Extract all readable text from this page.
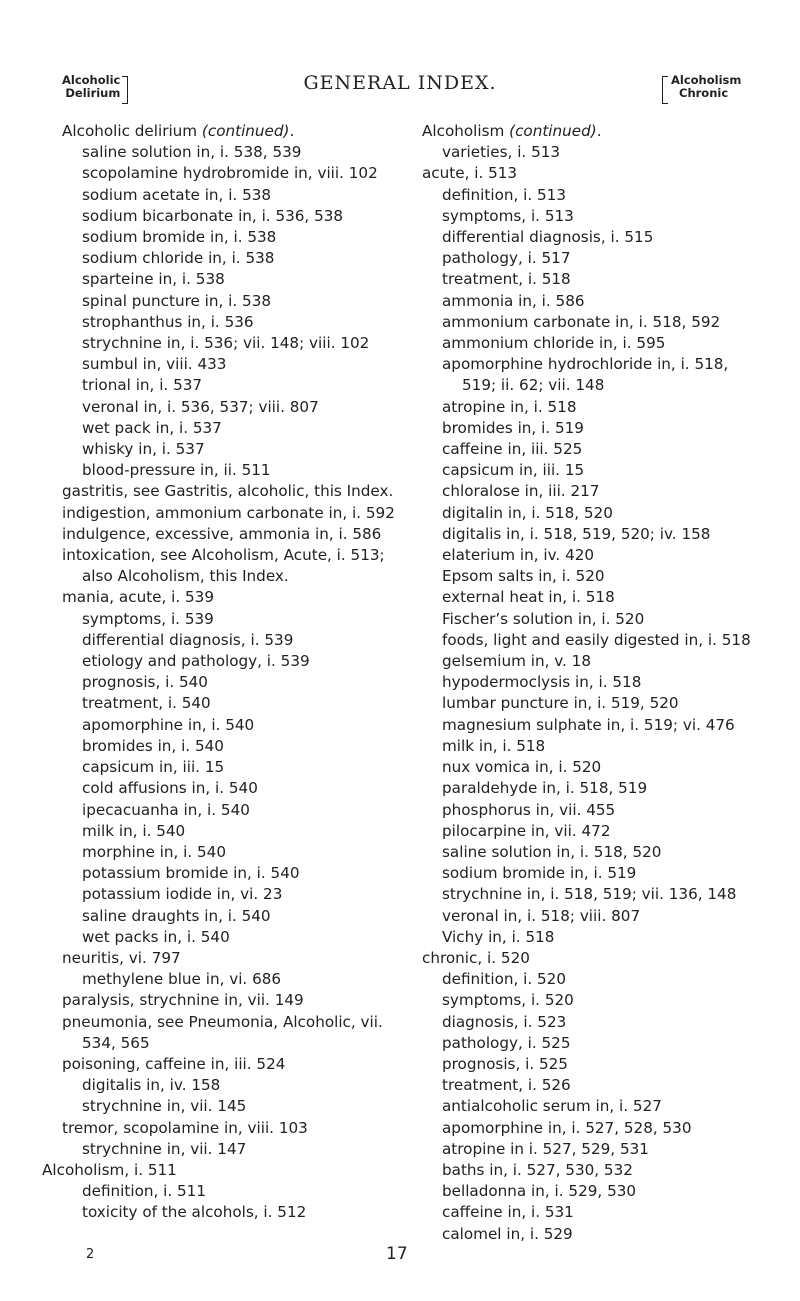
Alcoholic
Delirium	GENERAL INDEX.	Alcoholism
Chronic
Alcoholic delirium (continued).
saline solution in, i. 538, 539
scopolamine hydrobromide in, viii. 102
sodium acetate in, i. 538
sodium bicarbonate in, i. 536, 538
sodium bromide in, i. 538
sodium chloride in, i. 538
sparteine in, i. 538
spinal puncture in, i. 538
strophanthus in, i. 536
strychnine in, i. 536; vii. 148; viii. 102
sumbul in, viii. 433
trional in, i. 537
veronal in, i. 536, 537; viii. 807
wet pack in, i. 537
whisky in, i. 537
blood-pressure in, ii. 511
gastritis, see Gastritis, alcoholic, this Index.
indigestion, ammonium carbonate in, i. 592
indulgence, excessive, ammonia in, i. 586
intoxication, see Alcoholism, Acute, i. 513; also Alcoholism, this Index.
mania, acute, i. 539
symptoms, i. 539
differential diagnosis, i. 539
etiology and pathology, i. 539
prognosis, i. 540
treatment, i. 540
apomorphine in, i. 540
bromides in, i. 540
capsicum in, iii. 15
cold affusions in, i. 540
ipecacuanha in, i. 540
milk in, i. 540
morphine in, i. 540
potassium bromide in, i. 540
potassium iodide in, vi. 23
saline draughts in, i. 540
wet packs in, i. 540
neuritis, vi. 797
methylene blue in, vi. 686
paralysis, strychnine in, vii. 149
pneumonia, see Pneumonia, Alcoholic, vii. 534, 565
poisoning, caffeine in, iii. 524
digitalis in, iv. 158
strychnine in, vii. 145
tremor, scopolamine in, viii. 103
strychnine in, vii. 147
Alcoholism, i. 511
definition, i. 511
toxicity of the alcohols, i. 512
Alcoholism (continued).
varieties, i. 513
acute, i. 513
definition, i. 513
symptoms, i. 513
differential diagnosis, i. 515
pathology, i. 517
treatment, i. 518
ammonia in, i. 586
ammonium carbonate in, i. 518, 592
ammonium chloride in, i. 595
apomorphine hydrochloride in, i. 518, 519; ii. 62; vii. 148
atropine in, i. 518
bromides in, i. 519
caffeine in, iii. 525
capsicum in, iii. 15
chloralose in, iii. 217
digitalin in, i. 518, 520
digitalis in, i. 518, 519, 520; iv. 158
elaterium in, iv. 420
Epsom salts in, i. 520
external heat in, i. 518
Fischer’s solution in, i. 520
foods, light and easily digested in, i. 518
gelsemium in, v. 18
hypodermoclysis in, i. 518
lumbar puncture in, i. 519, 520
magnesium sulphate in, i. 519; vi. 476
milk in, i. 518
nux vomica in, i. 520
paraldehyde in, i. 518, 519
phosphorus in, vii. 455
pilocarpine in, vii. 472
saline solution in, i. 518, 520
sodium bromide in, i. 519
strychnine in, i. 518, 519; vii. 136, 148
veronal in, i. 518; viii. 807
Vichy in, i. 518
chronic, i. 520
definition, i. 520
symptoms, i. 520
diagnosis, i. 523
pathology, i. 525
prognosis, i. 525
treatment, i. 526
antialcoholic serum in, i. 527
apomorphine in, i. 527, 528, 530
atropine in i. 527, 529, 531
baths in, i. 527, 530, 532
belladonna in, i. 529, 530
caffeine in, i. 531
calomel in, i. 529
2	17
